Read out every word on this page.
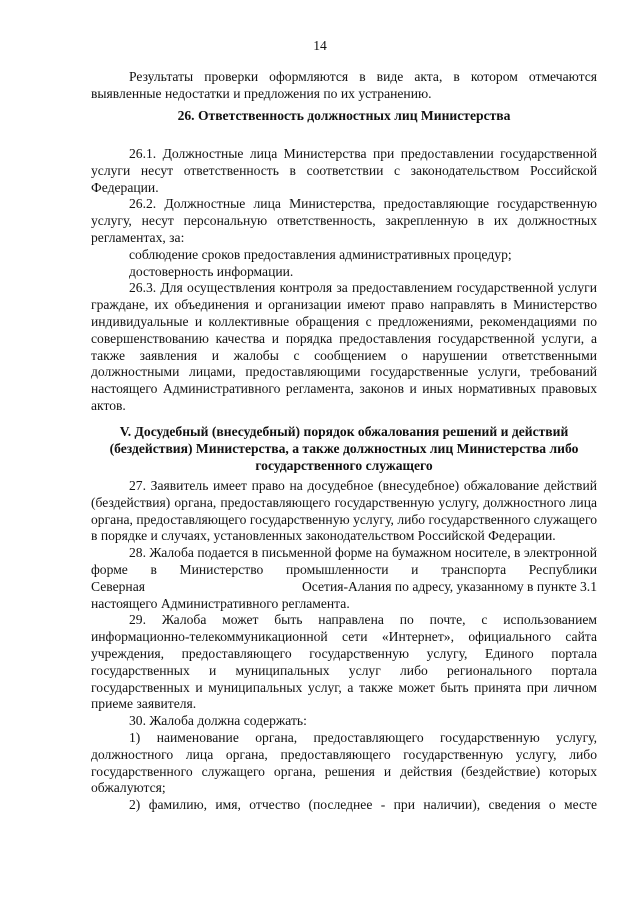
14

Результаты проверки оформляются в виде акта, в котором отмечаются выявленные недостатки и предложения по их устранению.

26. Ответственность должностных лиц Министерства

26.1. Должностные лица Министерства при предоставлении государственной услуги несут ответственность в соответствии с законодательством Российской Федерации.

26.2. Должностные лица Министерства, предоставляющие государственную услугу, несут персональную ответственность, закрепленную в их должностных регламентах, за:

соблюдение сроков предоставления административных процедур;

достоверность информации.

26.3. Для осуществления контроля за предоставлением государственной услуги граждане, их объединения и организации имеют право направлять в Министерство индивидуальные и коллективные обращения с предложениями, рекомендациями по совершенствованию качества и порядка предоставления государственной услуги, а также заявления и жалобы с сообщением о нарушении ответственными должностными лицами, предоставляющими государственные услуги, требований настоящего Административного регламента, законов и иных нормативных правовых актов.

V. Досудебный (внесудебный) порядок обжалования решений и действий (бездействия) Министерства, а также должностных лиц Министерства либо государственного служащего

27. Заявитель имеет право на досудебное (внесудебное) обжалование действий (бездействия) органа, предоставляющего государственную услугу, должностного лица органа, предоставляющего государственную услугу, либо государственного служащего в порядке и случаях, установленных законодательством Российской Федерации.

28. Жалоба подается в письменной форме на бумажном носителе, в электронной форме в Министерство промышленности и транспорта Республики

Северная	Осетия-Алания по адресу, указанному в пункте 3.1

настоящего Административного регламента.

29. Жалоба может быть направлена по почте, с использованием информационно-телекоммуникационной сети «Интернет», официального сайта учреждения, предоставляющего государственную услугу, Единого портала государственных и муниципальных услуг либо регионального портала государственных и муниципальных услуг, а также может быть принята при личном приеме заявителя.

30. Жалоба должна содержать:

1) наименование органа, предоставляющего государственную услугу, должностного лица органа, предоставляющего государственную услугу, либо государственного служащего органа, решения и действия (бездействие) которых обжалуются;

2) фамилию, имя, отчество (последнее - при наличии), сведения о месте
